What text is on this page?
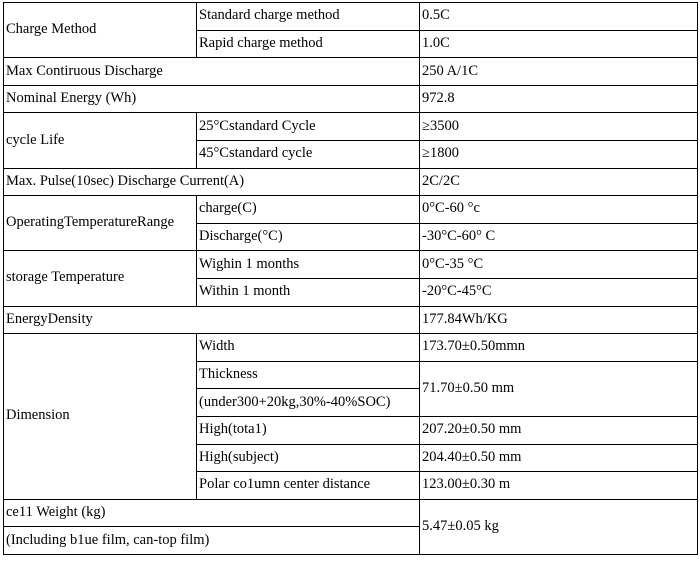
Charge Method	Standard charge method	0.5C
	Rapid charge method	1.0C
Max Contiruous Discharge		250 A/1C
Nominal Energy (Wh)		972.8
cycle Life	25°Cstandard Cycle	≥3500
	45°Cstandard cycle	≥1800
Max. Pulse(10sec) Discharge Current(A)		2C/2C
OperatingTemperatureRange	charge(C)	0°C-60 °c
	Discharge(°C)	-30°C-60° C
storage Temperature	Wighin 1 months	0°C-35 °C
	Within 1 month	-20°C-45°C
EnergyDensity		177.84Wh/KG
Dimension	Width	173.70±0.50mmn
	Thickness	71.70±0.50 mm
	(under300+20kg,30%-40%SOC)	
	High(tota1)	207.20±0.50 mm
	High(subject)	204.40±0.50 mm
	Polar co1umn center distance	123.00±0.30 m
ce11 Weight (kg)		5.47±0.05 kg
(Including b1ue film, can-top film)		
